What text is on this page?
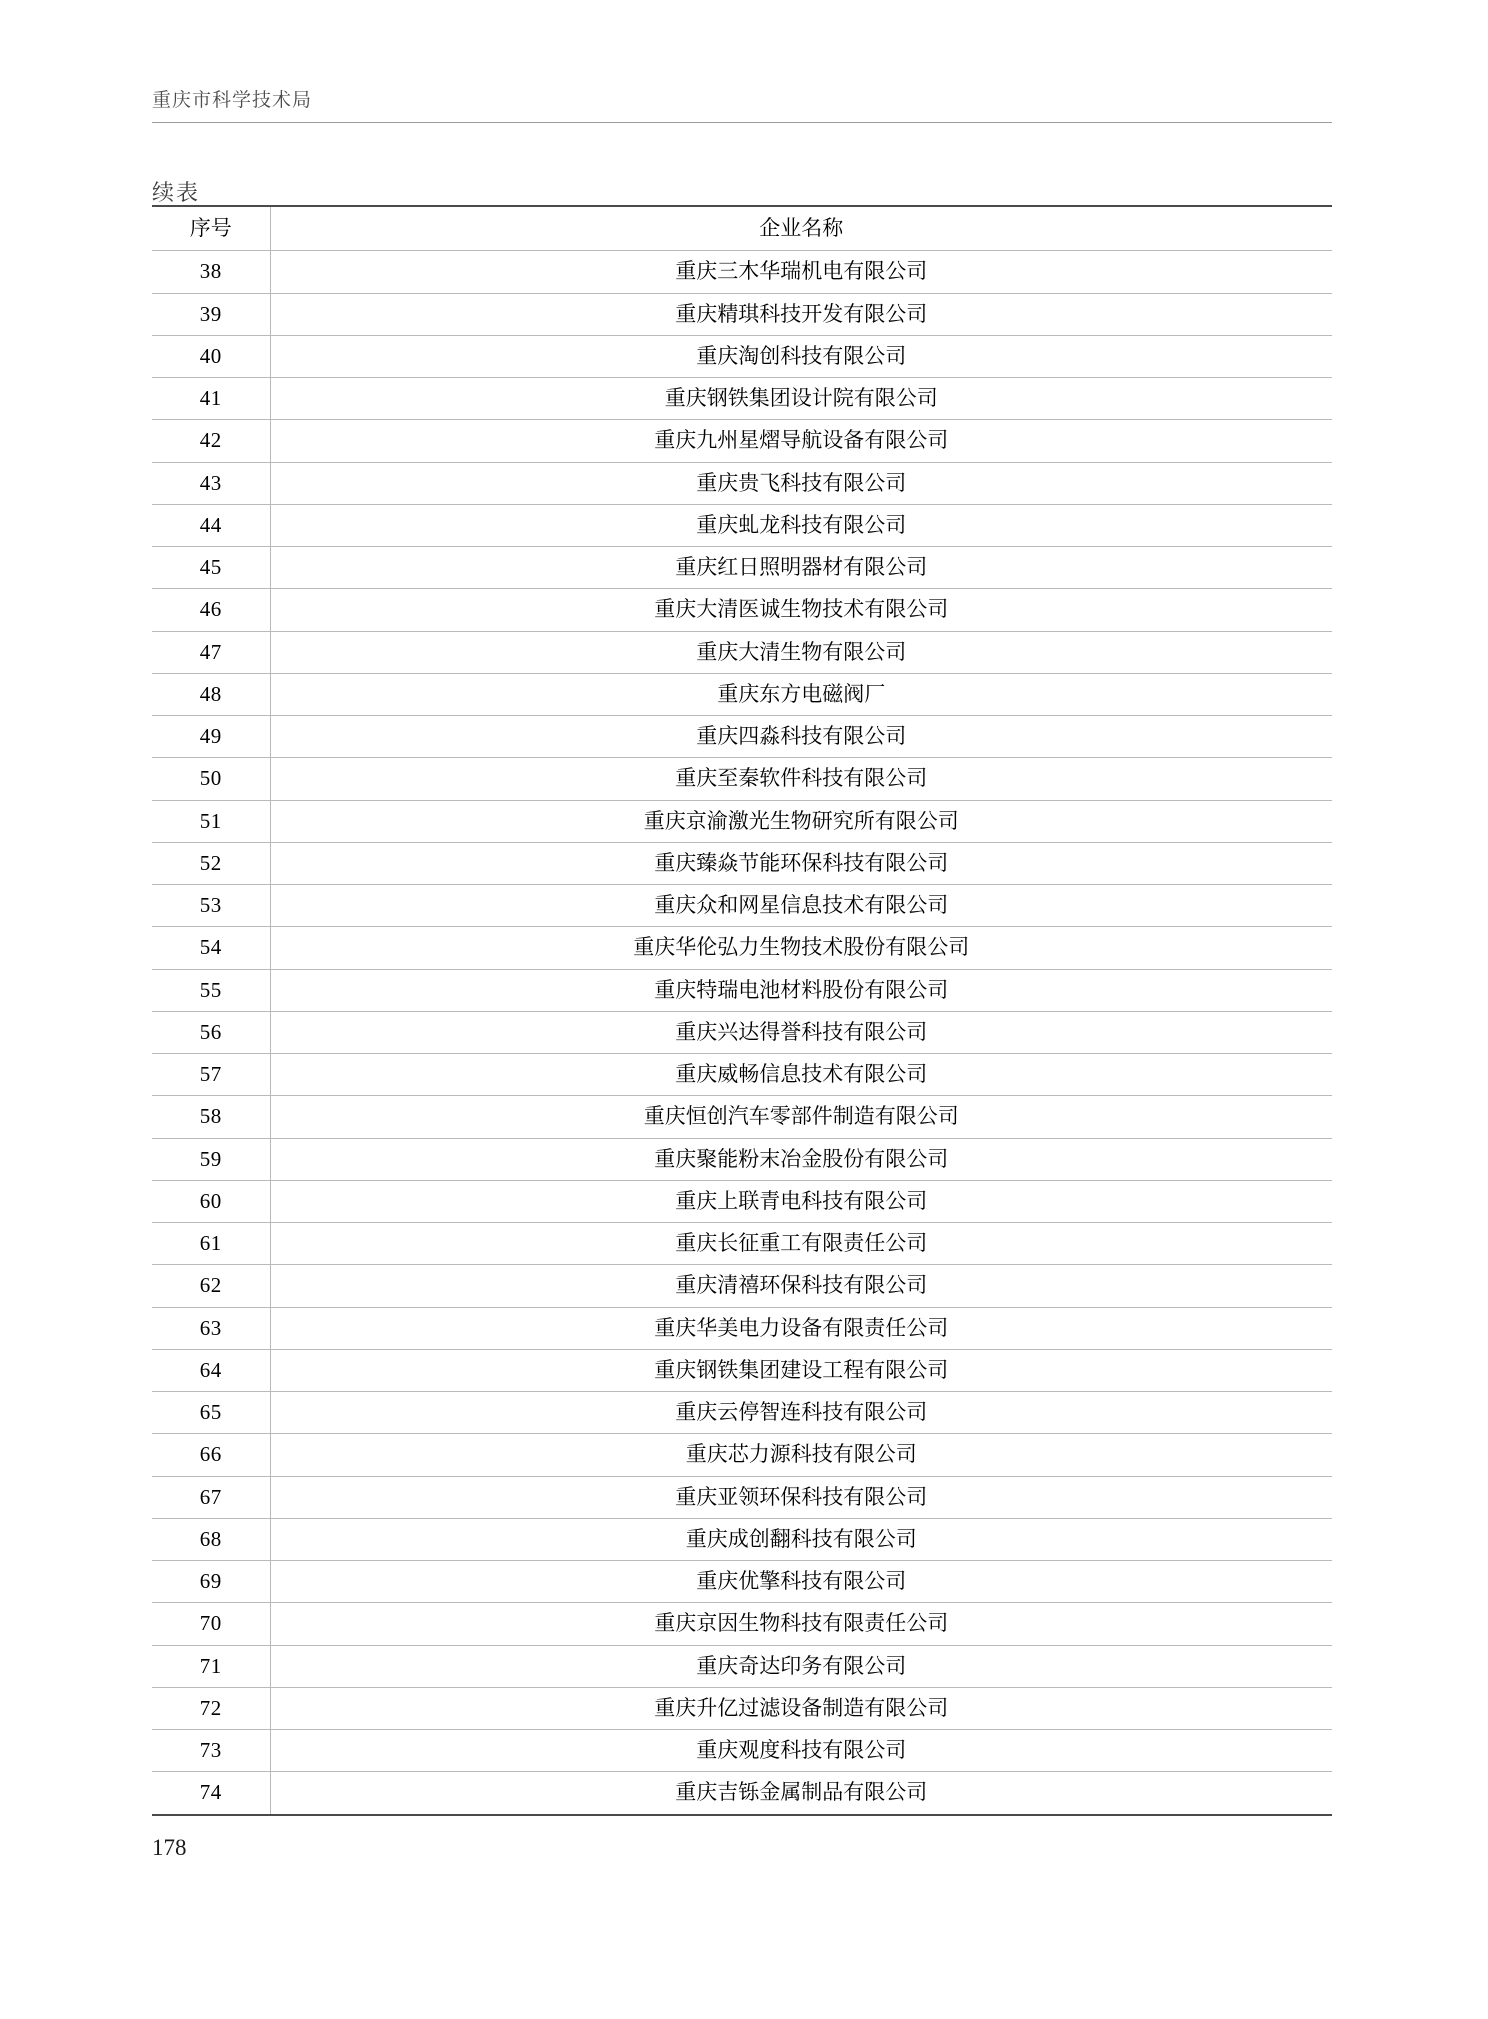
重庆市科学技术局
续表
序号	企业名称
38	重庆三木华瑞机电有限公司
39	重庆精琪科技开发有限公司
40	重庆淘创科技有限公司
41	重庆钢铁集团设计院有限公司
42	重庆九州星熠导航设备有限公司
43	重庆贵飞科技有限公司
44	重庆虬龙科技有限公司
45	重庆红日照明器材有限公司
46	重庆大清医诚生物技术有限公司
47	重庆大清生物有限公司
48	重庆东方电磁阀厂
49	重庆四淼科技有限公司
50	重庆至秦软件科技有限公司
51	重庆京渝激光生物研究所有限公司
52	重庆臻焱节能环保科技有限公司
53	重庆众和网星信息技术有限公司
54	重庆华伦弘力生物技术股份有限公司
55	重庆特瑞电池材料股份有限公司
56	重庆兴达得誉科技有限公司
57	重庆威畅信息技术有限公司
58	重庆恒创汽车零部件制造有限公司
59	重庆聚能粉末冶金股份有限公司
60	重庆上联青电科技有限公司
61	重庆长征重工有限责任公司
62	重庆清禧环保科技有限公司
63	重庆华美电力设备有限责任公司
64	重庆钢铁集团建设工程有限公司
65	重庆云停智连科技有限公司
66	重庆芯力源科技有限公司
67	重庆亚领环保科技有限公司
68	重庆成创翻科技有限公司
69	重庆优擎科技有限公司
70	重庆京因生物科技有限责任公司
71	重庆奇达印务有限公司
72	重庆升亿过滤设备制造有限公司
73	重庆观度科技有限公司
74	重庆吉铄金属制品有限公司
178
